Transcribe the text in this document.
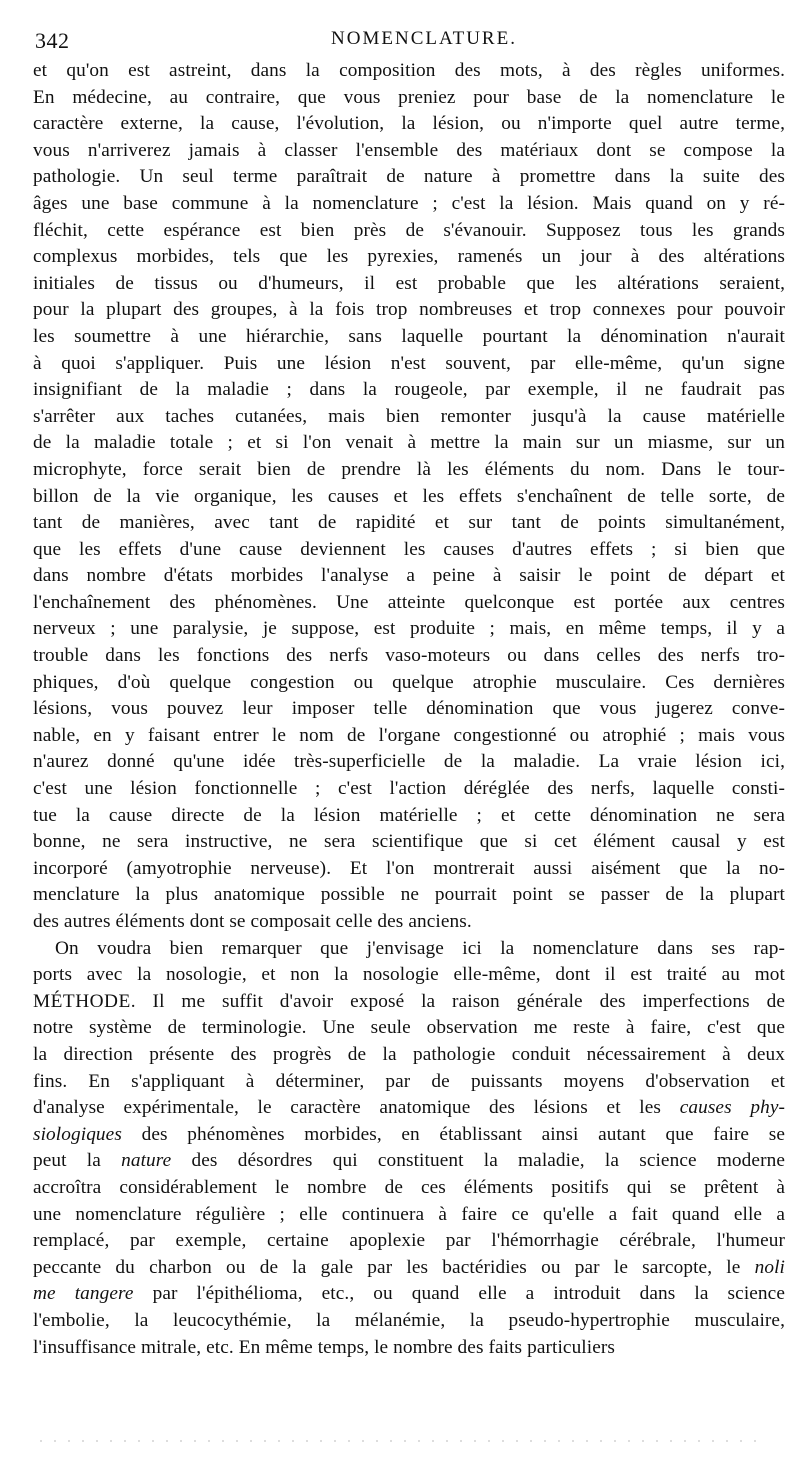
342	NOMENCLATURE.
et qu'on est astreint, dans la composition des mots, à des règles uniformes.
En médecine, au contraire, que vous preniez pour base de la nomenclature le
caractère externe, la cause, l'évolution, la lésion, ou n'importe quel autre terme,
vous n'arriverez jamais à classer l'ensemble des matériaux dont se compose la
pathologie. Un seul terme paraîtrait de nature à promettre dans la suite des
âges une base commune à la nomenclature ; c'est la lésion. Mais quand on y ré-
fléchit, cette espérance est bien près de s'évanouir. Supposez tous les grands
complexus morbides, tels que les pyrexies, ramenés un jour à des altérations
initiales de tissus ou d'humeurs, il est probable que les altérations seraient,
pour la plupart des groupes, à la fois trop nombreuses et trop connexes pour pouvoir
les soumettre à une hiérarchie, sans laquelle pourtant la dénomination n'aurait
à quoi s'appliquer. Puis une lésion n'est souvent, par elle-même, qu'un signe
insignifiant de la maladie ; dans la rougeole, par exemple, il ne faudrait pas
s'arrêter aux taches cutanées, mais bien remonter jusqu'à la cause matérielle
de la maladie totale ; et si l'on venait à mettre la main sur un miasme, sur un
microphyte, force serait bien de prendre là les éléments du nom. Dans le tour-
billon de la vie organique, les causes et les effets s'enchaînent de telle sorte, de
tant de manières, avec tant de rapidité et sur tant de points simultanément,
que les effets d'une cause deviennent les causes d'autres effets ; si bien que
dans nombre d'états morbides l'analyse a peine à saisir le point de départ et
l'enchaînement des phénomènes. Une atteinte quelconque est portée aux centres
nerveux ; une paralysie, je suppose, est produite ; mais, en même temps, il y a
trouble dans les fonctions des nerfs vaso-moteurs ou dans celles des nerfs tro-
phiques, d'où quelque congestion ou quelque atrophie musculaire. Ces dernières
lésions, vous pouvez leur imposer telle dénomination que vous jugerez conve-
nable, en y faisant entrer le nom de l'organe congestionné ou atrophié ; mais vous
n'aurez donné qu'une idée très-superficielle de la maladie. La vraie lésion ici,
c'est une lésion fonctionnelle ; c'est l'action déréglée des nerfs, laquelle consti-
tue la cause directe de la lésion matérielle ; et cette dénomination ne sera
bonne, ne sera instructive, ne sera scientifique que si cet élément causal y est
incorporé (amyotrophie nerveuse). Et l'on montrerait aussi aisément que la no-
menclature la plus anatomique possible ne pourrait point se passer de la plupart
des autres éléments dont se composait celle des anciens.
On voudra bien remarquer que j'envisage ici la nomenclature dans ses rap-
ports avec la nosologie, et non la nosologie elle-même, dont il est traité au mot
MÉTHODE. Il me suffit d'avoir exposé la raison générale des imperfections de
notre système de terminologie. Une seule observation me reste à faire, c'est que
la direction présente des progrès de la pathologie conduit nécessairement à deux
fins. En s'appliquant à déterminer, par de puissants moyens d'observation et
d'analyse expérimentale, le caractère anatomique des lésions et les causes phy-
siologiques des phénomènes morbides, en établissant ainsi autant que faire se
peut la nature des désordres qui constituent la maladie, la science moderne
accroîtra considérablement le nombre de ces éléments positifs qui se prêtent à
une nomenclature régulière ; elle continuera à faire ce qu'elle a fait quand elle a
remplacé, par exemple, certaine apoplexie par l'hémorrhagie cérébrale, l'humeur
peccante du charbon ou de la gale par les bactéridies ou par le sarcopte, le noli
me tangere par l'épithélioma, etc., ou quand elle a introduit dans la science
l'embolie, la leucocythémie, la mélanémie, la pseudo-hypertrophie musculaire,
l'insuffisance mitrale, etc. En même temps, le nombre des faits particuliers
